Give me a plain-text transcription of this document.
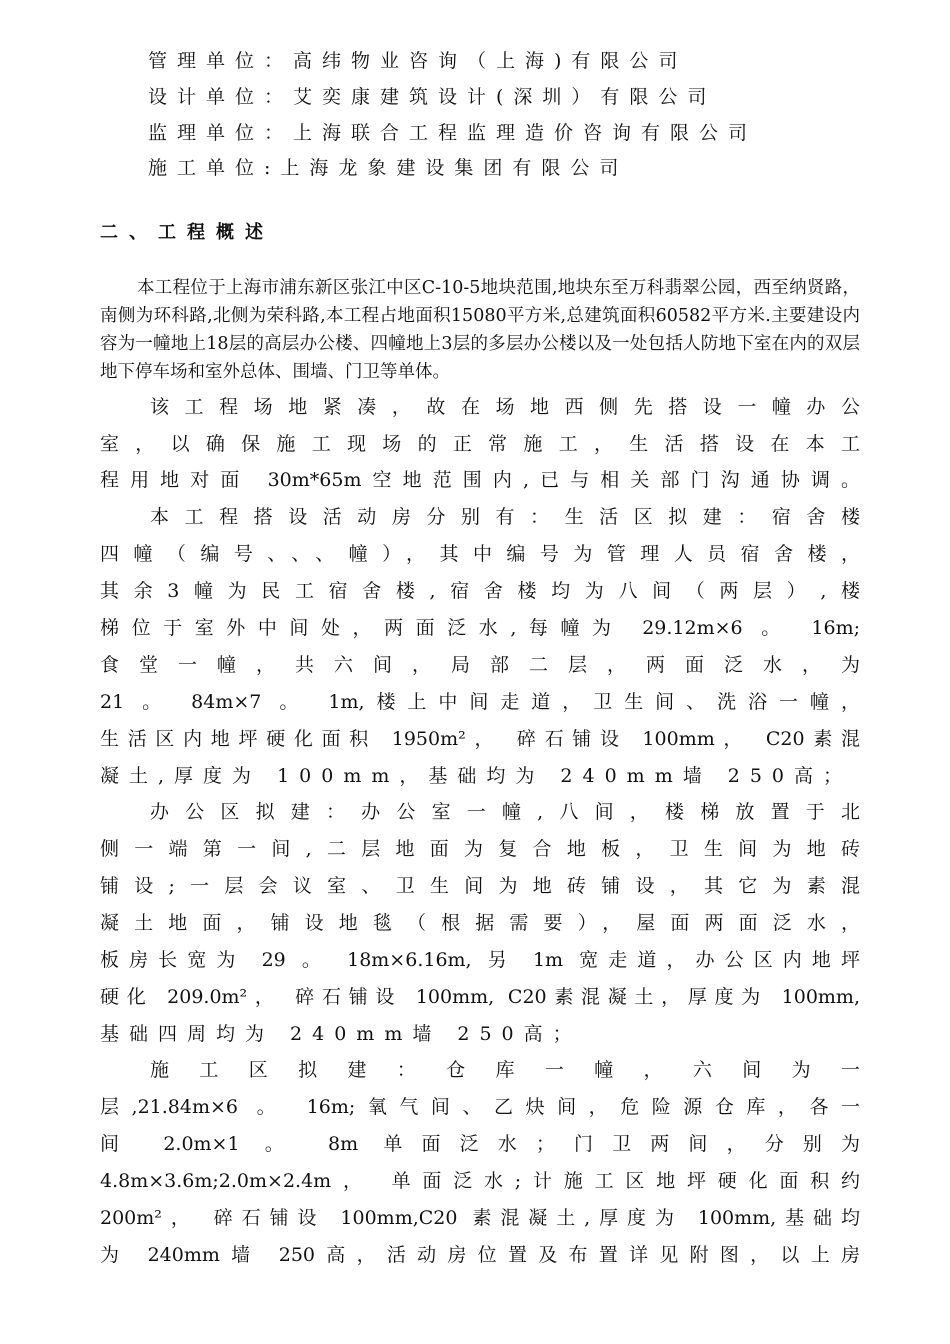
管理单位：高纬物业咨询（上海)有限公司
设计单位：艾奕康建筑设计(深圳）有限公司
监理单位：上海联合工程监理造价咨询有限公司
施工单位:上海龙象建设集团有限公司
二、工程概述
本工程位于上海市浦东新区张江中区C-10-5地块范围,地块东至万科翡翠公园，西至纳贤路，南侧为环科路,北侧为荣科路,本工程占地面积15080平方米,总建筑面积60582平方米.主要建设内容为一幢地上18层的高层办公楼、四幢地上3层的多层办公楼以及一处包括人防地下室在内的双层地下停车场和室外总体、围墙、门卫等单体。
该工程场地紧凑，故在场地西侧先搭设一幢办公
室，以确保施工现场的正常施工，生活搭设在本工
程用地对面 30m*65m空地范围内,已与相关部门沟通协调。
本工程搭设活动房分别有：生活区拟建：宿舍楼
四幢（编号、、、幢），其中编号为管理人员宿舍楼，
其余3幢为民工宿舍楼,宿舍楼均为八间（两层）,楼
梯位于室外中间处，两面泛水,每幢为 29.12m×6 。 16m;
食堂一幢，共六间，局部二层，两面泛水，为
21 。 84m×7 。 1m,楼上中间走道，卫生间、洗浴一幢，
生活区内地坪硬化面积 1950m²， 碎石铺设 100mm， C20素混
凝土,厚度为 100mm，基础均为 240mm墙 250高；
办公区拟建：办公室一幢,八间，楼梯放置于北
侧一端第一间,二层地面为复合地板，卫生间为地砖
铺设;一层会议室、卫生间为地砖铺设，其它为素混
凝土地面，铺设地毯（根据需要），屋面两面泛水，
板房长宽为 29 。 18m×6.16m, 另 1m 宽走道，办公区内地坪
硬化 209.0m²， 碎石铺设 100mm, C20素混凝土，厚度为 100mm,
基础四周均为 240mm墙 250高；
施工区拟建：仓库一幢，六间为一
层,21.84m×6 。 16m;氧气间、乙炔间，危险源仓库，各一
间 2.0m×1 。 8m 单面泛水；门卫两间，分别为
4.8m×3.6m;2.0m×2.4m， 单面泛水;计施工区地坪硬化面积约
200m²， 碎石铺设 100mm,C20 素混凝土,厚度为 100mm,基础均
为 240mm墙 250高，活动房位置及布置详见附图，以上房
